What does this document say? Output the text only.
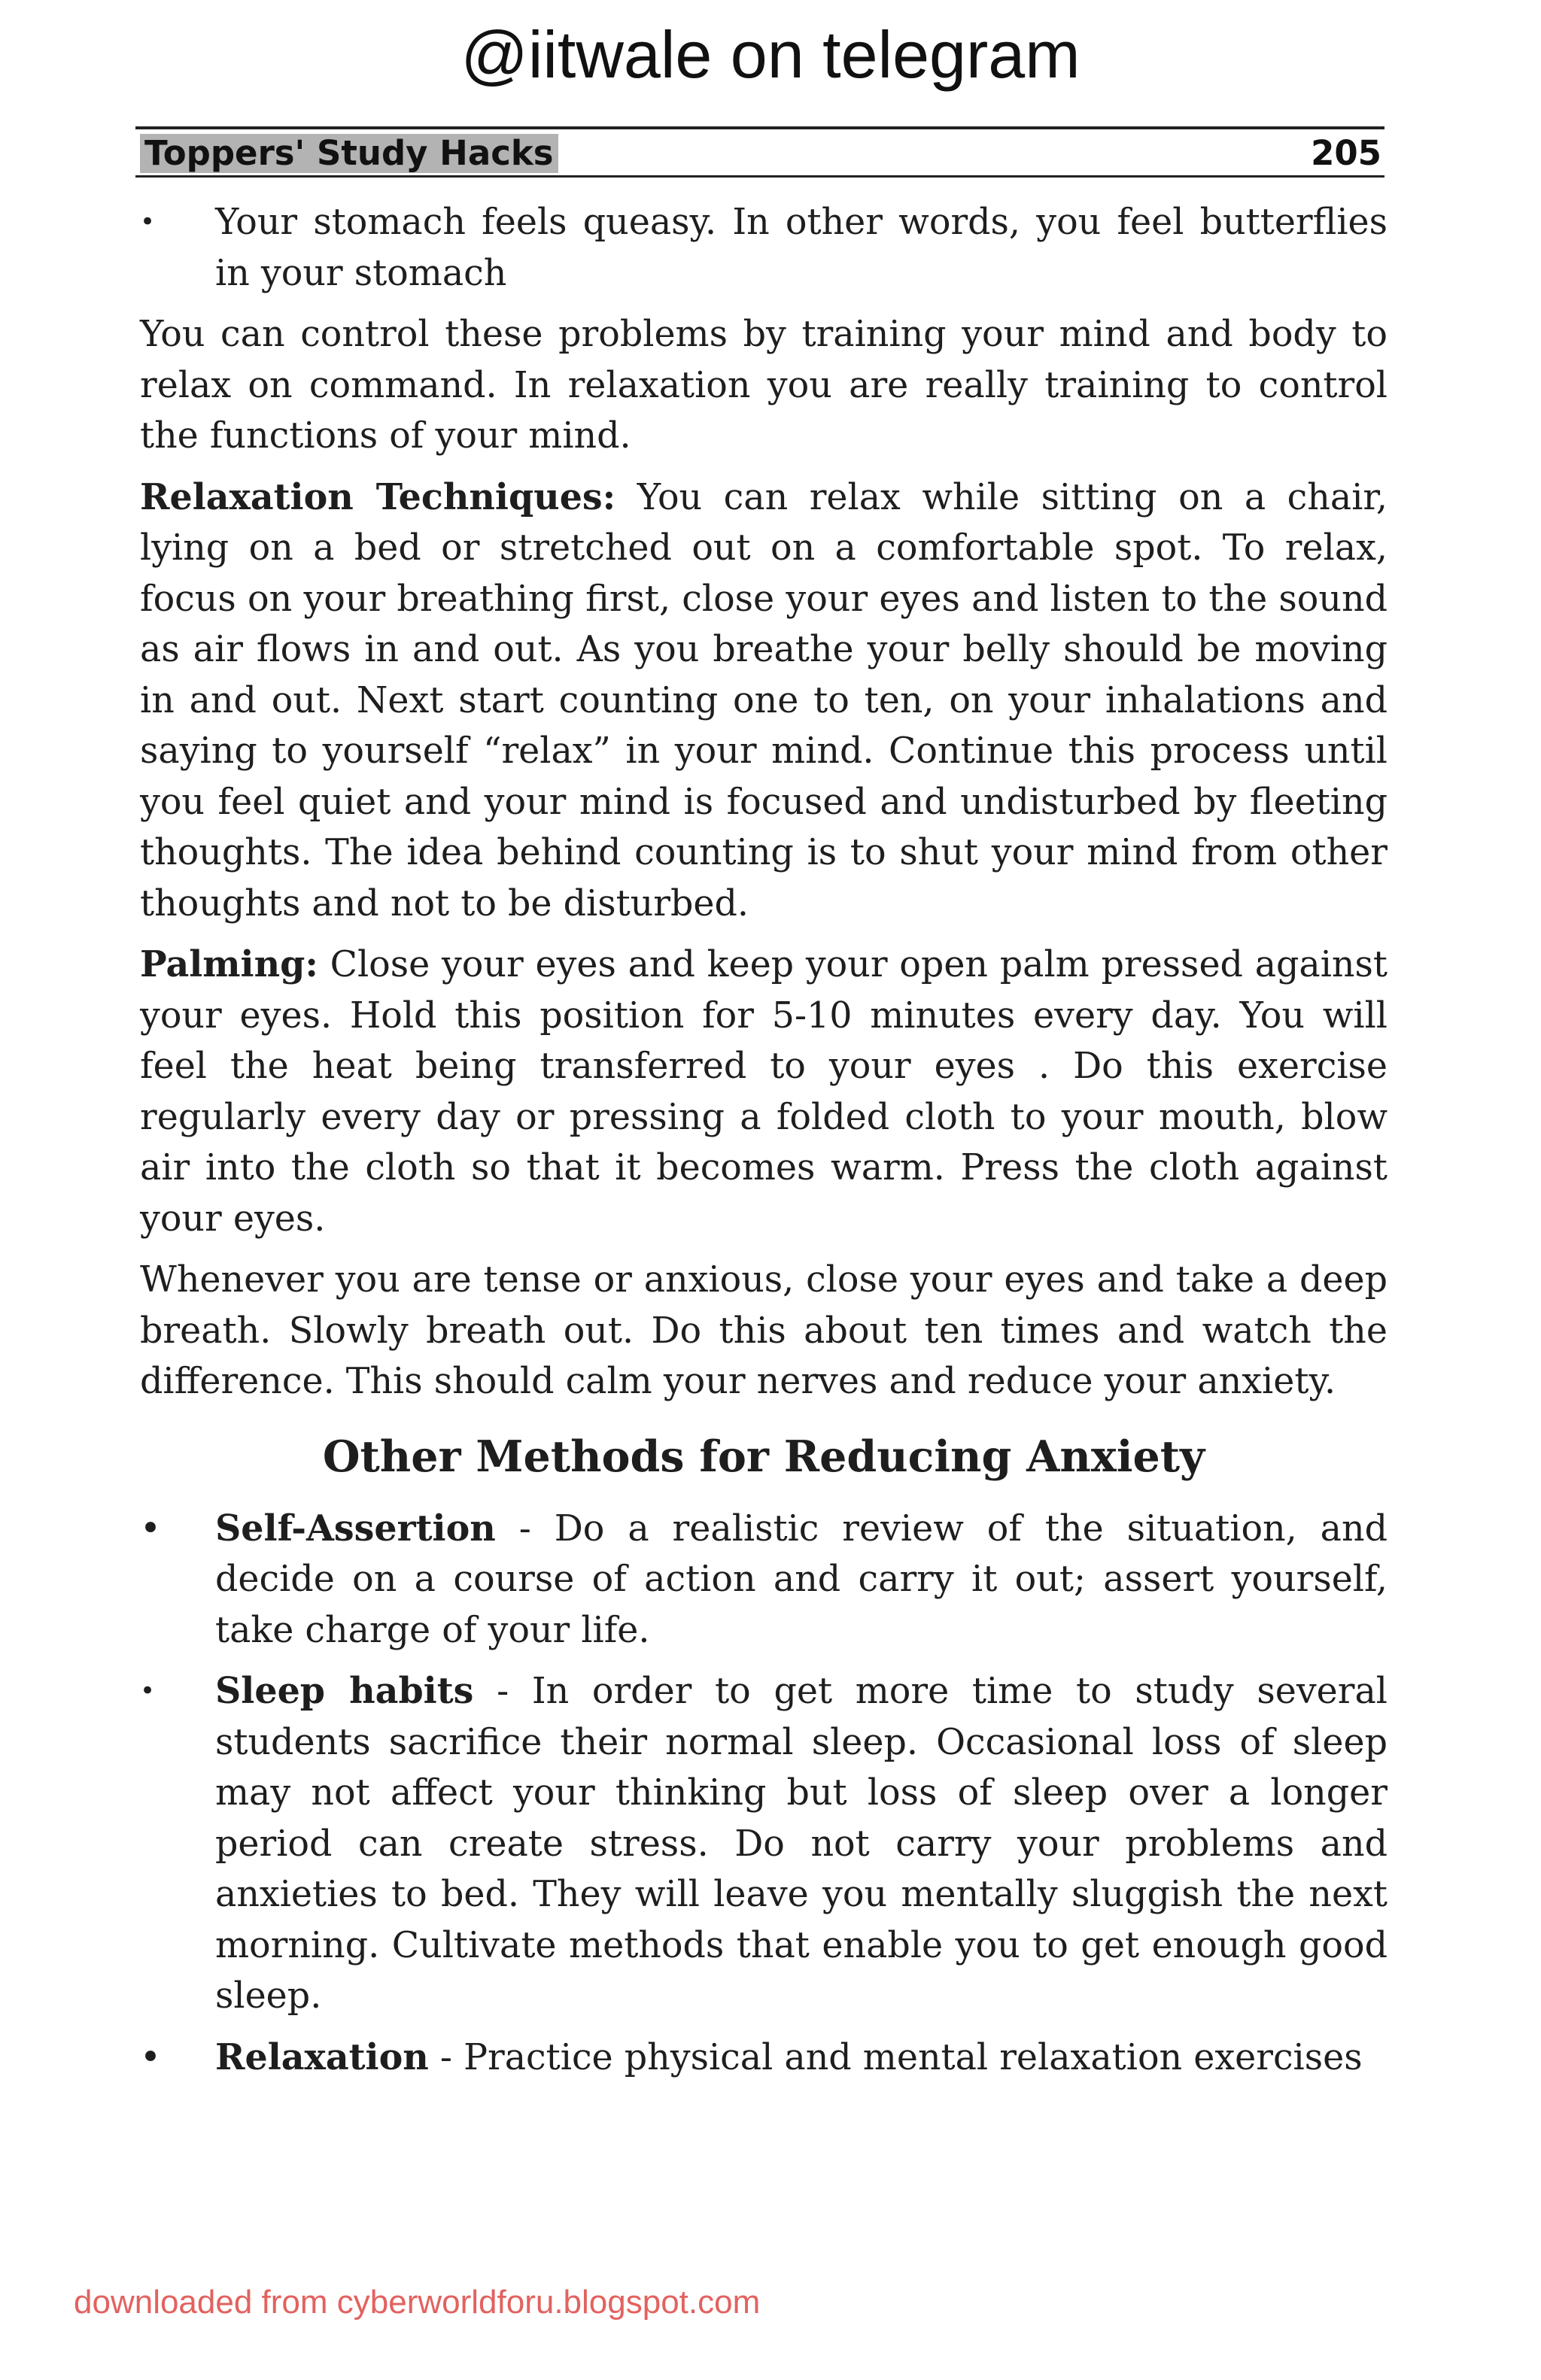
@iitwale on telegram
Toppers' Study Hacks	205
•	Your stomach feels queasy. In other words, you feel butterflies in your stomach

You can control these problems by training your mind and body to relax on command. In relaxation you are really training to control the functions of your mind.

Relaxation Techniques: You can relax while sitting on a chair, lying on a bed or stretched out on a comfortable spot. To relax, focus on your breathing first, close your eyes and listen to the sound as air flows in and out. As you breathe your belly should be moving in and out. Next start counting one to ten, on your inhalations and saying to yourself “relax” in your mind. Continue this process until you feel quiet and your mind is focused and undisturbed by fleeting thoughts. The idea behind counting is to shut your mind from other thoughts and not to be disturbed.

Palming: Close your eyes and keep your open palm pressed against your eyes. Hold this position for 5-10 minutes every day. You will feel the heat being transferred to your eyes . Do this exercise regularly every day or pressing a folded cloth to your mouth, blow air into the cloth so that it becomes warm. Press the cloth against your eyes.

Whenever you are tense or anxious, close your eyes and take a deep breath. Slowly breath out. Do this about ten times and watch the difference. This should calm your nerves and reduce your anxiety.

Other Methods for Reducing Anxiety
• Self-Assertion - Do a realistic review of the situation, and decide on a course of action and carry it out; assert yourself, take charge of your life.
•	Sleep habits - In order to get more time to study several students sacrifice their normal sleep. Occasional loss of sleep may not affect your thinking but loss of sleep over a longer period can create stress. Do not carry your problems and anxieties to bed. They will leave you mentally sluggish the next morning. Cultivate methods that enable you to get enough good sleep.
• Relaxation - Practice physical and mental relaxation exercises
downloaded from cyberworldforu.blogspot.com
